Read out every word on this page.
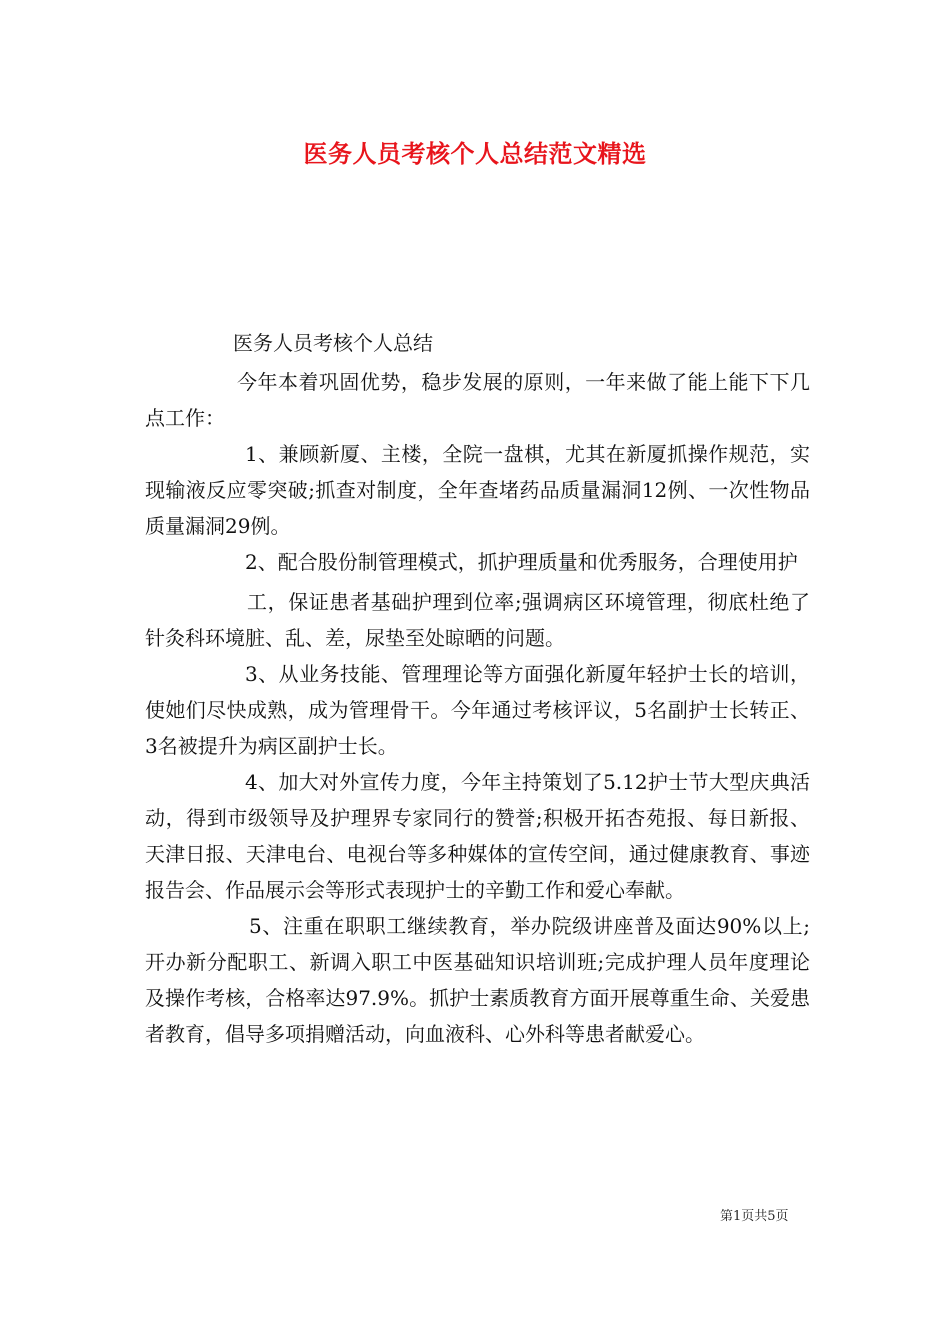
医务人员考核个人总结范文精选

医务人员考核个人总结

今年本着巩固优势，稳步发展的原则，一年来做了能上能下下几点工作：

1、兼顾新厦、主楼，全院一盘棋，尤其在新厦抓操作规范，实现输液反应零突破;抓查对制度，全年查堵药品质量漏洞12例、一次性物品质量漏洞29例。

2、配合股份制管理模式，抓护理质量和优秀服务，合理使用护

工，保证患者基础护理到位率;强调病区环境管理，彻底杜绝了针灸科环境脏、乱、差，尿垫至处晾晒的问题。

3、从业务技能、管理理论等方面强化新厦年轻护士长的培训，使她们尽快成熟，成为管理骨干。今年通过考核评议，5名副护士长转正、3名被提升为病区副护士长。

4、加大对外宣传力度，今年主持策划了5.12护士节大型庆典活动，得到市级领导及护理界专家同行的赞誉;积极开拓杏苑报、每日新报、天津日报、天津电台、电视台等多种媒体的宣传空间，通过健康教育、事迹报告会、作品展示会等形式表现护士的辛勤工作和爱心奉献。

5、注重在职职工继续教育，举办院级讲座普及面达90%以上;开办新分配职工、新调入职工中医基础知识培训班;完成护理人员年度理论及操作考核，合格率达97.9%。抓护士素质教育方面开展尊重生命、关爱患者教育，倡导多项捐赠活动，向血液科、心外科等患者献爱心。

第1页共5页
